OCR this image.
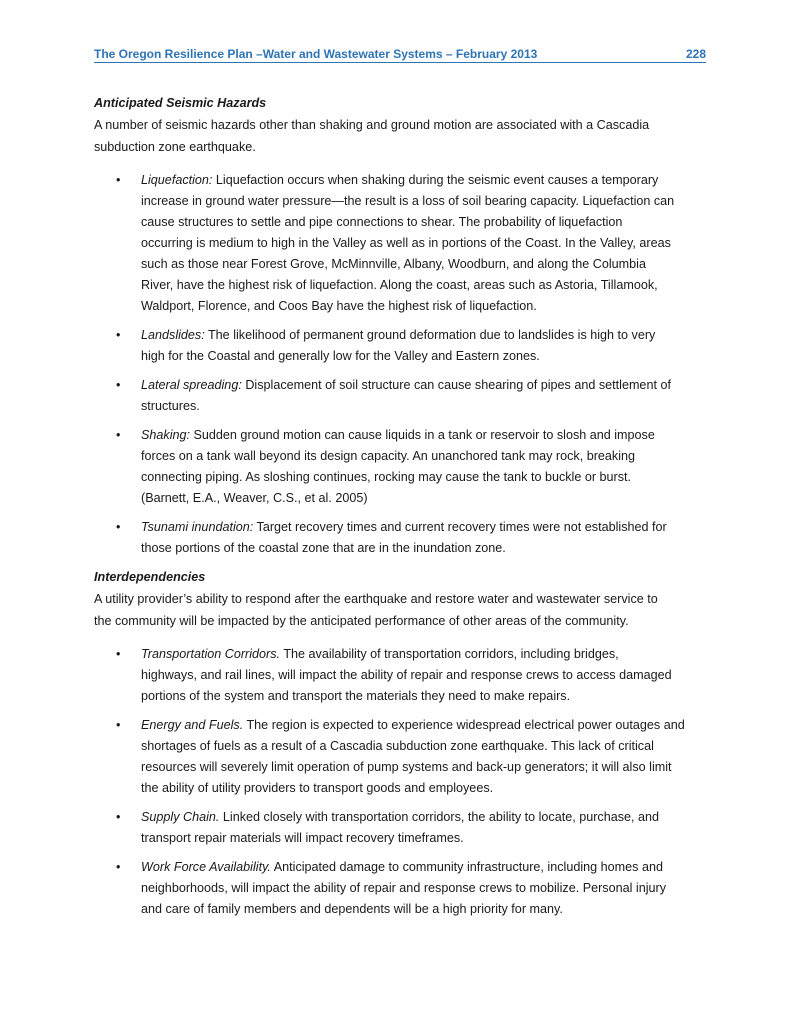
The Oregon Resilience Plan –Water and Wastewater Systems – February 2013	228
Anticipated Seismic Hazards
A number of seismic hazards other than shaking and ground motion are associated with a Cascadia
subduction zone earthquake.
• Liquefaction: Liquefaction occurs when shaking during the seismic event causes a temporary
increase in ground water pressure—the result is a loss of soil bearing capacity. Liquefaction can
cause structures to settle and pipe connections to shear. The probability of liquefaction
occurring is medium to high in the Valley as well as in portions of the Coast. In the Valley, areas
such as those near Forest Grove, McMinnville, Albany, Woodburn, and along the Columbia
River, have the highest risk of liquefaction. Along the coast, areas such as Astoria, Tillamook,
Waldport, Florence, and Coos Bay have the highest risk of liquefaction.
• Landslides: The likelihood of permanent ground deformation due to landslides is high to very
high for the Coastal and generally low for the Valley and Eastern zones.
• Lateral spreading: Displacement of soil structure can cause shearing of pipes and settlement of
structures.
• Shaking: Sudden ground motion can cause liquids in a tank or reservoir to slosh and impose
forces on a tank wall beyond its design capacity. An unanchored tank may rock, breaking
connecting piping. As sloshing continues, rocking may cause the tank to buckle or burst.
(Barnett, E.A., Weaver, C.S., et al. 2005)
• Tsunami inundation: Target recovery times and current recovery times were not established for
those portions of the coastal zone that are in the inundation zone.
Interdependencies
A utility provider’s ability to respond after the earthquake and restore water and wastewater service to
the community will be impacted by the anticipated performance of other areas of the community.
• Transportation Corridors. The availability of transportation corridors, including bridges,
highways, and rail lines, will impact the ability of repair and response crews to access damaged
portions of the system and transport the materials they need to make repairs.
• Energy and Fuels. The region is expected to experience widespread electrical power outages and
shortages of fuels as a result of a Cascadia subduction zone earthquake. This lack of critical
resources will severely limit operation of pump systems and back-up generators; it will also limit
the ability of utility providers to transport goods and employees.
• Supply Chain. Linked closely with transportation corridors, the ability to locate, purchase, and
transport repair materials will impact recovery timeframes.
• Work Force Availability. Anticipated damage to community infrastructure, including homes and
neighborhoods, will impact the ability of repair and response crews to mobilize. Personal injury
and care of family members and dependents will be a high priority for many.
